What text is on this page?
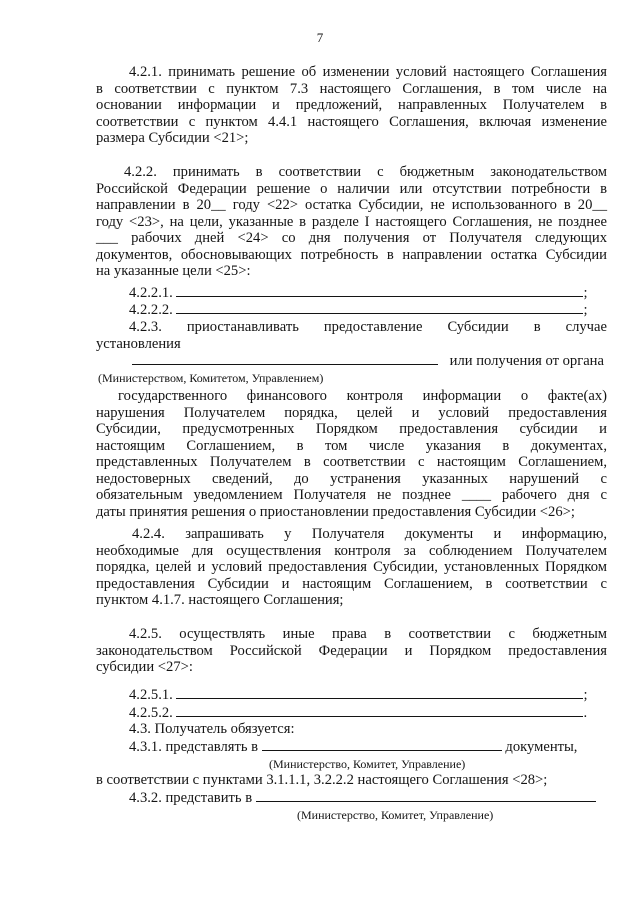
7
4.2.1. принимать решение об изменении условий настоящего Соглашения
в соответствии с пунктом 7.3 настоящего Соглашения, в том числе на
основании информации и предложений, направленных Получателем в
соответствии с пунктом 4.4.1 настоящего Соглашения, включая изменение
размера Субсидии <21>;
4.2.2. принимать в соответствии с бюджетным законодательством
Российской Федерации решение о наличии или отсутствии потребности в
направлении в 20__ году <22> остатка Субсидии, не использованного в 20__
году <23>, на цели, указанные в разделе I настоящего Соглашения, не позднее
___ рабочих дней <24> со дня получения от Получателя следующих
документов, обосновывающих потребность в направлении остатка Субсидии
на указанные цели <25>:
4.2.2.1.	;
4.2.2.2.	;
4.2.3. приостанавливать предоставление Субсидии в случае
установления
или получения от органа
(Министерством, Комитетом, Управлением)
государственного финансового контроля информации о факте(ах)
нарушения Получателем порядка, целей и условий предоставления
Субсидии, предусмотренных Порядком предоставления субсидии и
настоящим Соглашением, в том числе указания в документах,
представленных Получателем в соответствии с настоящим Соглашением,
недостоверных сведений, до устранения указанных нарушений с
обязательным уведомлением Получателя не позднее ____ рабочего дня с
даты принятия решения о приостановлении предоставления Субсидии <26>;
4.2.4. запрашивать у Получателя документы и информацию,
необходимые для осуществления контроля за соблюдением Получателем
порядка, целей и условий предоставления Субсидии, установленных Порядком
предоставления Субсидии и настоящим Соглашением, в соответствии с
пунктом 4.1.7. настоящего Соглашения;
4.2.5. осуществлять иные права в соответствии с бюджетным
законодательством Российской Федерации и Порядком предоставления
субсидии <27>:
4.2.5.1.	;
4.2.5.2.	.
4.3. Получатель обязуется:
4.3.1. представлять в	документы,
(Министерство, Комитет, Управление)
в соответствии с пунктами 3.1.1.1, 3.2.2.2 настоящего Соглашения <28>;
4.3.2. представить в
(Министерство, Комитет, Управление)
